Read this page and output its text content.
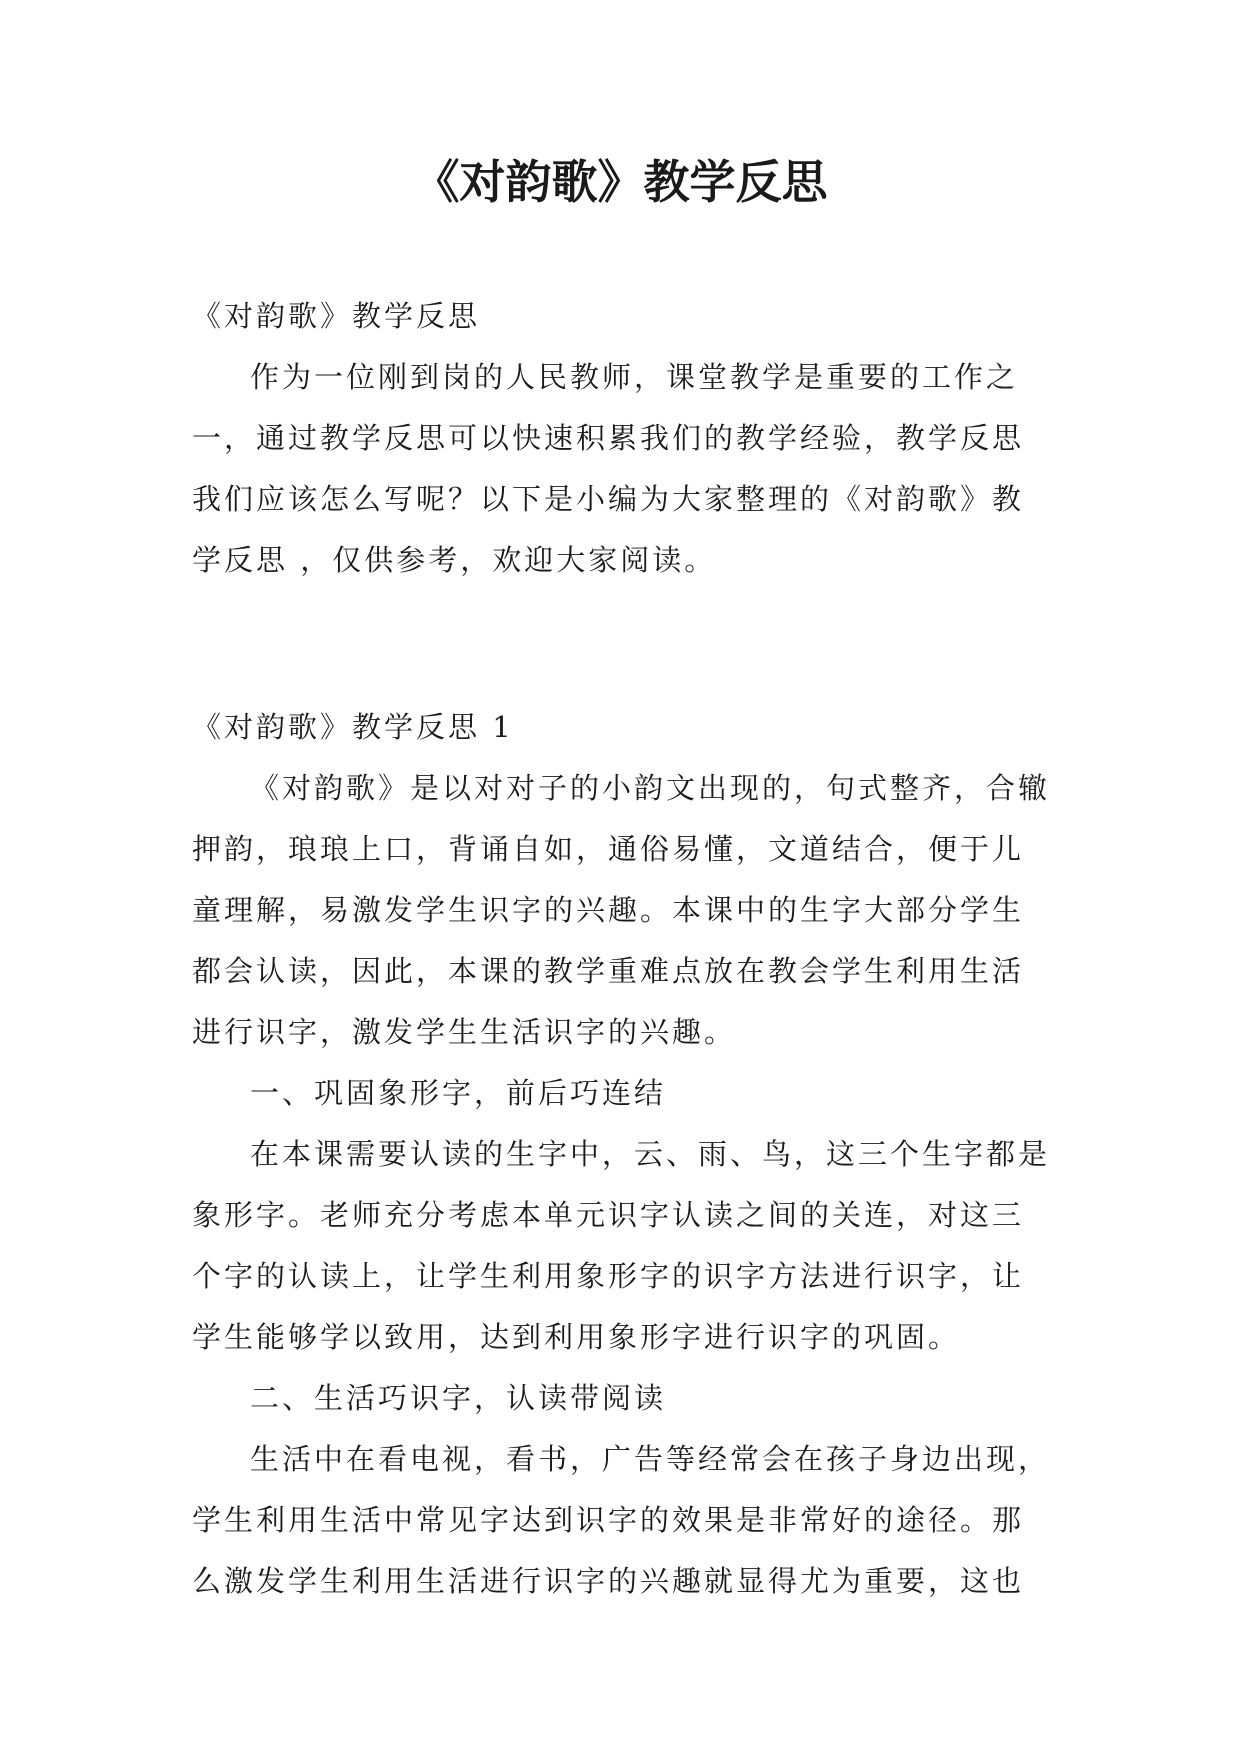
《对韵歌》教学反思

《对韵歌》教学反思

作为一位刚到岗的人民教师，课堂教学是重要的工作之一，通过教学反思可以快速积累我们的教学经验，教学反思我们应该怎么写呢？以下是小编为大家整理的《对韵歌》教学反思 ，仅供参考，欢迎大家阅读。

《对韵歌》教学反思 1

《对韵歌》是以对对子的小韵文出现的，句式整齐，合辙押韵，琅琅上口，背诵自如，通俗易懂，文道结合，便于儿童理解，易激发学生识字的兴趣。本课中的生字大部分学生都会认读，因此，本课的教学重难点放在教会学生利用生活进行识字，激发学生生活识字的兴趣。

一、巩固象形字，前后巧连结

在本课需要认读的生字中，云、雨、鸟，这三个生字都是象形字。老师充分考虑本单元识字认读之间的关连，对这三个字的认读上，让学生利用象形字的识字方法进行识字，让学生能够学以致用，达到利用象形字进行识字的巩固。

二、生活巧识字，认读带阅读

生活中在看电视，看书，广告等经常会在孩子身边出现，学生利用生活中常见字达到识字的效果是非常好的途径。那么激发学生利用生活进行识字的兴趣就显得尤为重要，这也
